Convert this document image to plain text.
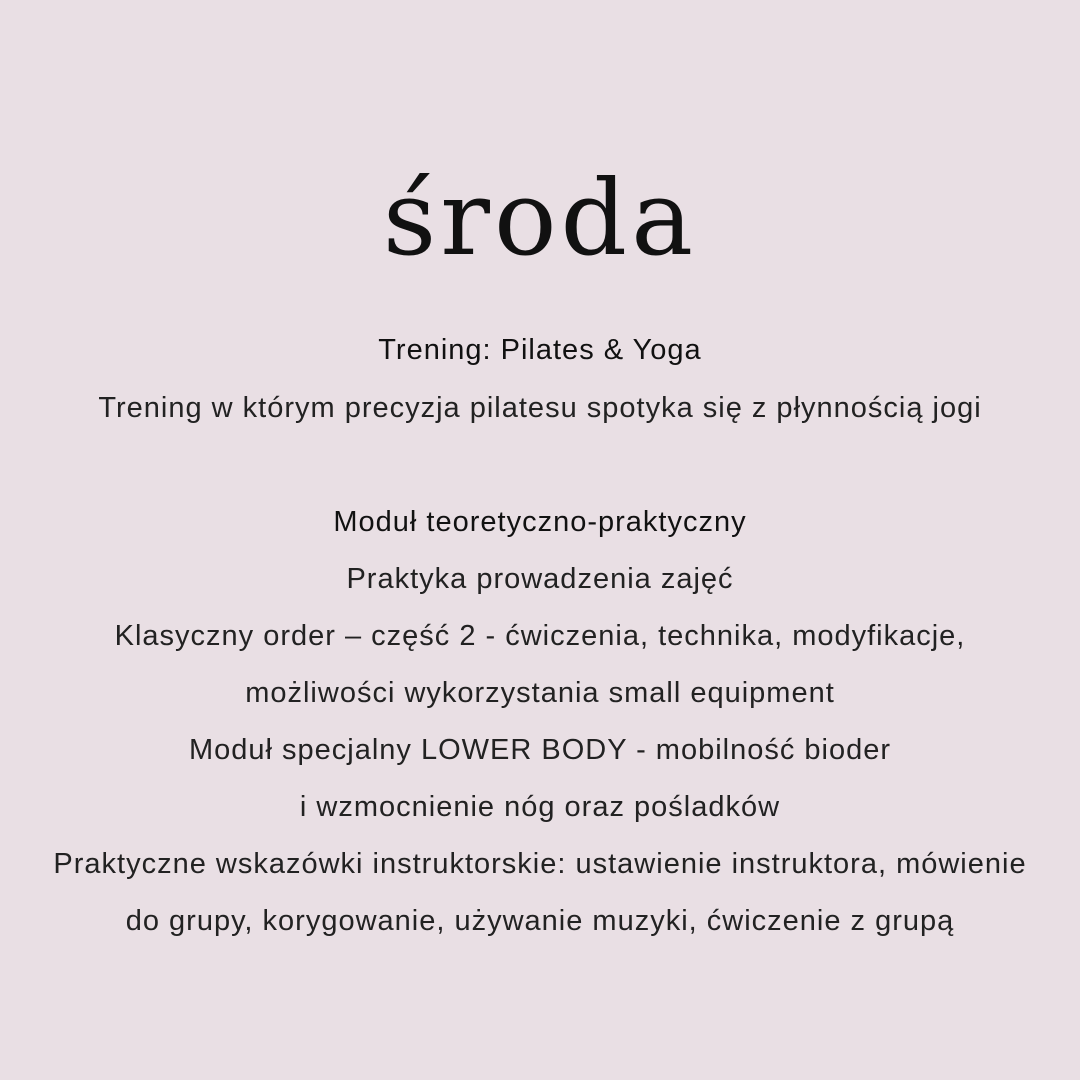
środa
Trening: Pilates & Yoga
Trening w którym precyzja pilatesu spotyka się z płynnością jogi
Moduł teoretyczno-praktyczny
Praktyka prowadzenia zajęć
Klasyczny order – część 2 - ćwiczenia, technika, modyfikacje,
możliwości wykorzystania small equipment
Moduł specjalny LOWER BODY - mobilność bioder
i wzmocnienie nóg oraz pośladków
Praktyczne wskazówki instruktorskie: ustawienie instruktora, mówienie
do grupy, korygowanie, używanie muzyki, ćwiczenie z grupą
